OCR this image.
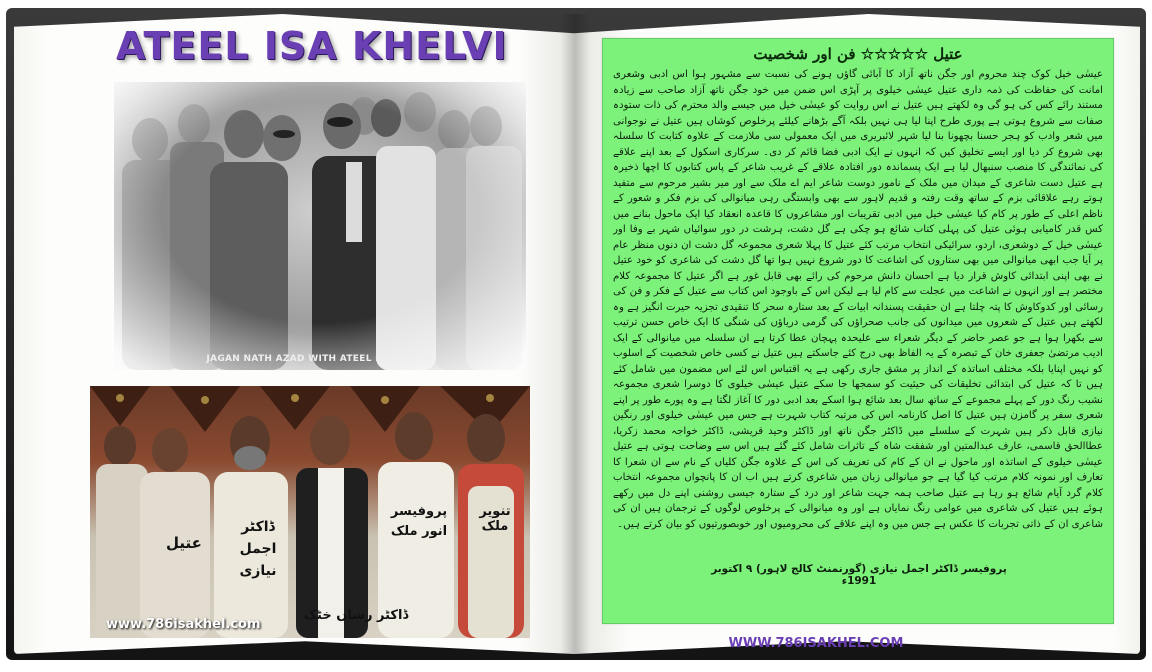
ATEEL ISA KHELVI
JAGAN NATH AZAD WITH ATEEL ISA KHELVI
عتیل
ڈاکٹر اجمل نیازی
پروفیسر انور ملک
تنویر ملک
ڈاکٹر رشاں خٹک
www.786isakhel.com
عتیل ☆☆☆☆☆ فن اور شخصیت

عیسٰی خیل کوک چند محروم اور جگن ناتھ آزاد کا آبائی گاؤں ہونے کی نسبت سے مشہور ہوا اس ادبی وشعری امانت کی حفاظت کی ذمہ داری عتیل عیسٰی خیلوی پر آپڑی اس ضمن میں خود جگن ناتھ آزاد صاحب سے زیادہ مستند رائے کس کی ہو گی وہ لکھتے ہیں عتیل نے اس روایت کو عیسٰی خیل میں جیسے والد محترم کی ذات ستودہ صفات سے شروع ہوتی ہے پوری طرح اپنا لیا ہی نہیں بلکہ آگے بڑھانے کیلئے پرخلوص کوشاں ہیں عتیل نے نوجوانی میں شعر وادب کو ہجر حسنا بچھونا بنا لیا شہر لائبریری میں ایک معمولی سی ملازمت کے علاوہ کتابت کا سلسلہ بھی شروع کر دیا اور ایسے تخلیق کیں کہ انہوں نے ایک ادبی فضا قائم کر دی۔ سرکاری اسکول کے بعد اپنے علاقے کی نمائندگی کا منصب سنبھال لیا ہے ایک پسماندہ دور افتادہ علاقے کے غریب شاعر کے پاس کتابوں کا اچھا ذخیرہ ہے عتیل دست شاعری کے میدان میں ملک کے نامور دوست شاعر ایم اے ملک سے اور میر بشیر مرحوم سے متفید ہوتے رہے علاقائی بزم کے ساتھ وقت رفتہ و قدیم لاہور سے بھی وابستگی رہی میانوالی کی بزم فکر و شعور کے ناظم اعلی کے طور پر کام کیا عیسٰی خیل میں ادبی تقریبات اور مشاعروں کا قاعدہ انعقاد کیا ایک ماحول بنانے میں کس قدر کامیابی ہوئی عتیل کی پہلی کتاب شائع ہو چکی ہے گل دشت، ہرشت در دور سوائیاں شہر بے وفا اور عیسٰی خیل کے دوشعری، اردو، سرائیکی انتخاب مرتب کئے عتیل کا پہلا شعری مجموعہ گل دشت ان دنوں منظر عام پر آیا جب ابھی میانوالی میں بھی ستاروں کی اشاعت کا دور شروع نہیں ہوا تھا گل دشت کی شاعری کو خود عتیل نے بھی اپنی ابتدائی کاوش قرار دیا ہے احسان دانش مرحوم کی رائے بھی قابل غور ہے اگر عتیل کا مجموعہ کلام مختصر ہے اور انہوں نے اشاعت میں عجلت سے کام لیا ہے لیکن اس کے باوجود اس کتاب سے عتیل کے فکر و فن کی رسائی اور کدوکاوش کا پتہ چلتا ہے ان حقیقت پسندانہ ابیات کے بعد ستارہ سحر کا تنقیدی تجزیہ حیرت انگیز ہے وہ لکھتے ہیں عتیل کے شعروں میں میدانوں کی جانب صحراؤں کی گرمی دریاؤں کی شنگی کا ایک خاص حسن ترتیب سے بکھرا ہوا ہے جو عصر حاضر کے دیگر شعراء سے علیحدہ پہچان عطا کرتا ہے ان سلسلہ میں میانوالی کے ایک ادیب مرتضیٰ جعفری خان کے تبصرہ کے یہ الفاظ بھی درج کئے جاسکتے ہیں عتیل نے کسی خاص شخصیت کے اسلوب کو نہیں اپنایا بلکہ مختلف اساتذہ کے انداز پر مشق جاری رکھی ہے یہ اقتباس اس لئے اس مضمون میں شامل کئے ہیں تا کہ عتیل کی ابتدائی تخلیقات کی حیثیت کو سمجھا جا سکے عتیل عیسٰی خیلوی کا دوسرا شعری مجموعہ نشیب رنگ دور کے پہلے مجموعے کے ساتھ سال بعد شائع ہوا اسکے بعد ادبی دور کا آغاز لگتا ہے وہ پورے طور پر اپنے شعری سفر پر گامزن ہیں عتیل کا اصل کارنامہ اس کی مرتبہ کتاب شہرت ہے جس میں عیسٰی خیلوی اور رنگین نیازی قابل ذکر ہیں شہرت کے سلسلے میں ڈاکٹر جگن ناتھ اور ڈاکٹر وحید قریشی، ڈاکٹر خواجہ محمد زکریا، عطاالحق قاسمی، عارف عبدالمتین اور شفقت شاہ کے تاثرات شامل کئے گئے ہیں اس سے وضاحت ہوتی ہے عتیل عیسٰی خیلوی کے اساتذہ اور ماحول نے ان کے کام کی تعریف کی اس کے علاوہ جگن کلیاں کے نام سے ان شعرا کا تعارف اور نمونہ کلام مرتب کیا گیا ہے جو میانوالی زبان میں شاعری کرتے ہیں اب ان کا پانچواں مجموعہ انتخاب کلام گرد آیام شائع ہو رہا ہے عتیل صاحب ہمہ جہت شاعر اور درد کے ستارہ جیسی روشنی اپنے دل میں رکھے ہوئے ہیں عتیل کی شاعری میں عوامی رنگ نمایاں ہے اور وہ میانوالی کے پرخلوص لوگوں کے ترجمان ہیں ان کی شاعری ان کے ذاتی تجربات کا عکس ہے جس میں وہ اپنے علاقے کی محرومیوں اور خوبصورتیوں کو بیان کرتے ہیں۔

پروفیسر ڈاکٹر اجمل نیازی (گورنمنٹ کالج لاہور) ۹ اکتوبر 1991ء
WWW.786ISAKHEL.COM
